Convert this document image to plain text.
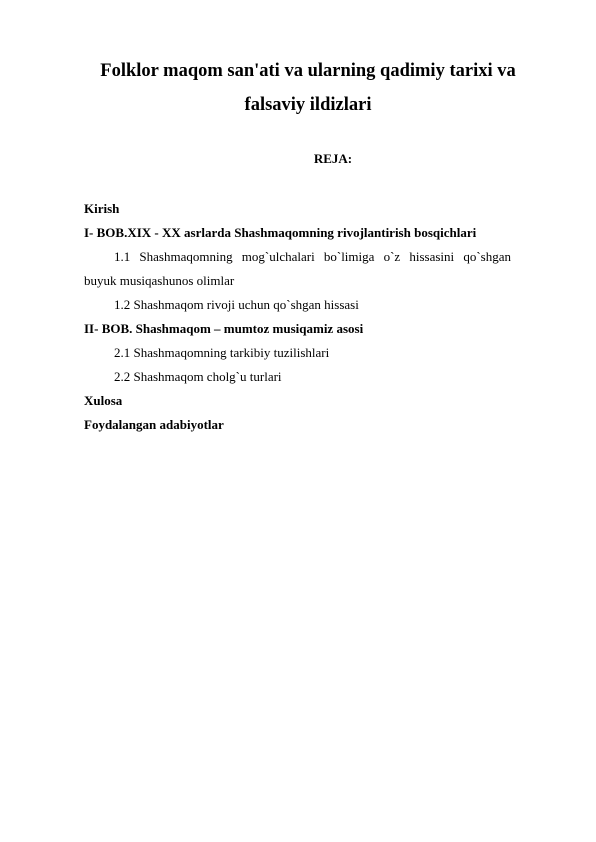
Folklor maqom san'ati va ularning qadimiy tarixi va
falsaviy ildizlari
REJA:
Kirish
I- BOB.XIX - XX asrlarda Shashmaqomning rivojlantirish bosqichlari
1.1 Shashmaqomning mog`ulchalari bo`limiga o`z hissasini qo`shgan buyuk musiqashunos olimlar
1.2 Shashmaqom rivoji uchun qo`shgan hissasi
II- BOB. Shashmaqom – mumtoz musiqamiz asosi
2.1 Shashmaqomning tarkibiy tuzilishlari
2.2 Shashmaqom cholg`u turlari
Xulosa
Foydalangan adabiyotlar
